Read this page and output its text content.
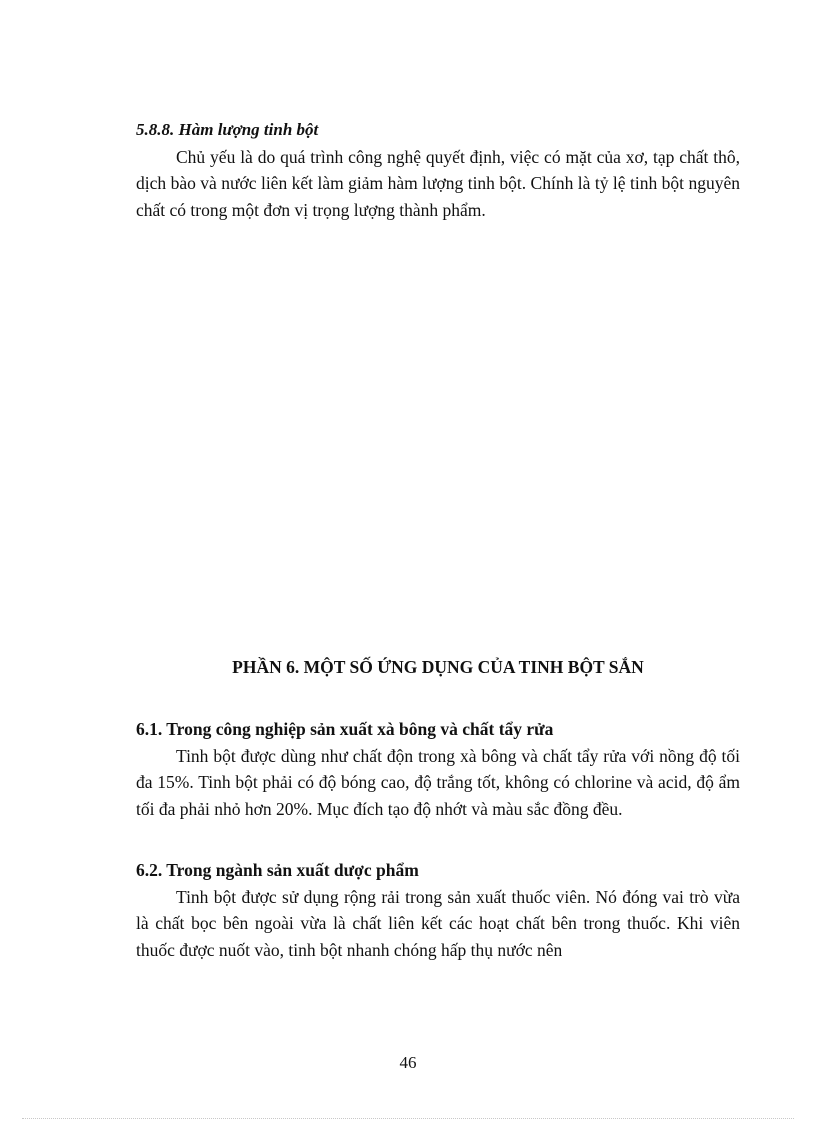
5.8.8. Hàm lượng tinh bột

Chủ yếu là do quá trình công nghệ quyết định, việc có mặt của xơ, tạp chất thô, dịch bào và nước liên kết làm giảm hàm lượng tinh bột. Chính là tỷ lệ tinh bột nguyên chất có trong một đơn vị trọng lượng thành phẩm.

PHẦN 6. MỘT SỐ ỨNG DỤNG CỦA TINH BỘT SẮN
6.1. Trong công nghiệp sản xuất xà bông và chất tẩy rửa

Tinh bột được dùng như chất độn trong xà bông và chất tẩy rửa với nồng độ tối đa 15%. Tinh bột phải có độ bóng cao, độ trắng tốt, không có chlorine và acid, độ ẩm tối đa phải nhỏ hơn 20%. Mục đích tạo độ nhớt và màu sắc đồng đều.

6.2. Trong ngành sản xuất dược phẩm

Tinh bột được sử dụng rộng rải trong sản xuất thuốc viên. Nó đóng vai trò vừa là chất bọc bên ngoài vừa là chất liên kết các hoạt chất bên trong thuốc. Khi viên thuốc được nuốt vào, tinh bột nhanh chóng hấp thụ nước nên

46
